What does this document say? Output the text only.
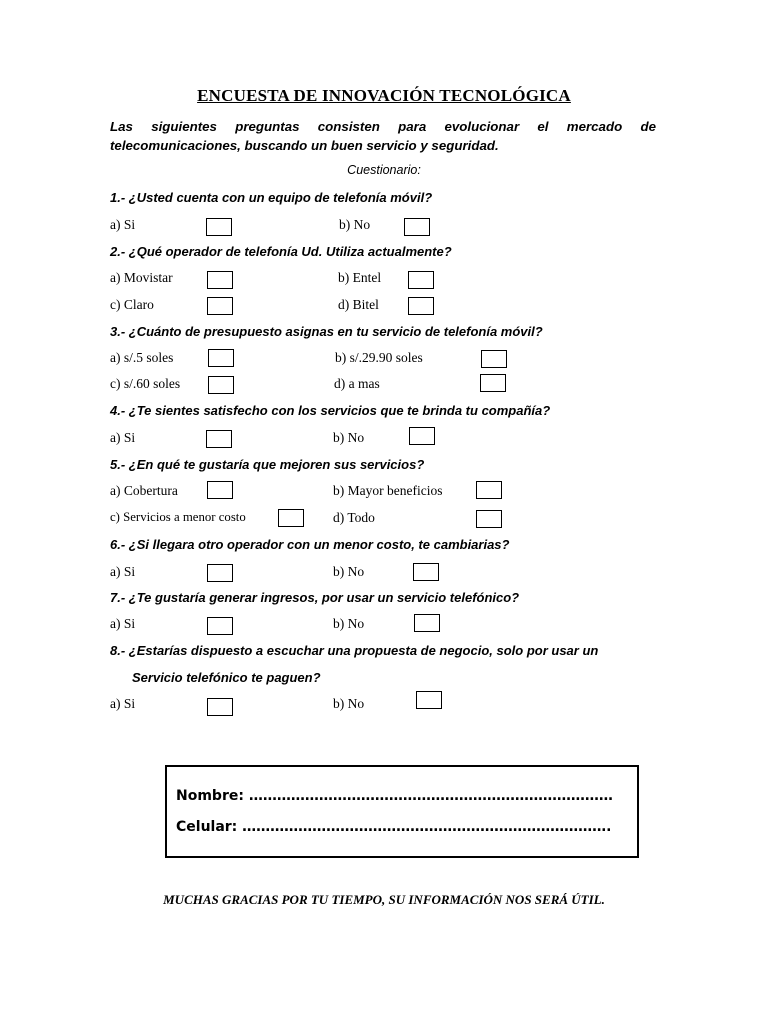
ENCUESTA DE INNOVACIÓN TECNOLÓGICA
Las siguientes preguntas consisten para evolucionar el mercado de telecomunicaciones, buscando un buen servicio y seguridad.
Cuestionario:
1.- ¿Usted cuenta con un equipo de telefonía móvil?
a) Si	b) No
2.- ¿Qué operador de telefonía Ud. Utiliza actualmente?
a) Movistar	b) Entel
c) Claro	d) Bitel
3.- ¿Cuánto de presupuesto asignas en tu servicio de telefonía móvil?
a) s/.5 soles	b) s/.29.90 soles
c) s/.60 soles	d) a mas
4.- ¿Te sientes satisfecho con los servicios que te brinda tu compañía?
a) Si	b) No
5.- ¿En qué te gustaría que mejoren sus servicios?
a) Cobertura	b) Mayor beneficios
c) Servicios a menor costo	d) Todo
6.- ¿Si llegara otro operador con un menor costo, te cambiarias?
a) Si	b) No
7.- ¿Te gustaría generar ingresos, por usar un servicio telefónico?
a) Si	b) No
8.- ¿Estarías dispuesto a escuchar una propuesta de negocio, solo por usar un
Servicio telefónico te paguen?
a) Si	b) No
Nombre: ……………………………………………………………………
Celular: …………………………………………………………………….
MUCHAS GRACIAS POR TU TIEMPO, SU INFORMACIÓN NOS SERÁ ÚTIL.
